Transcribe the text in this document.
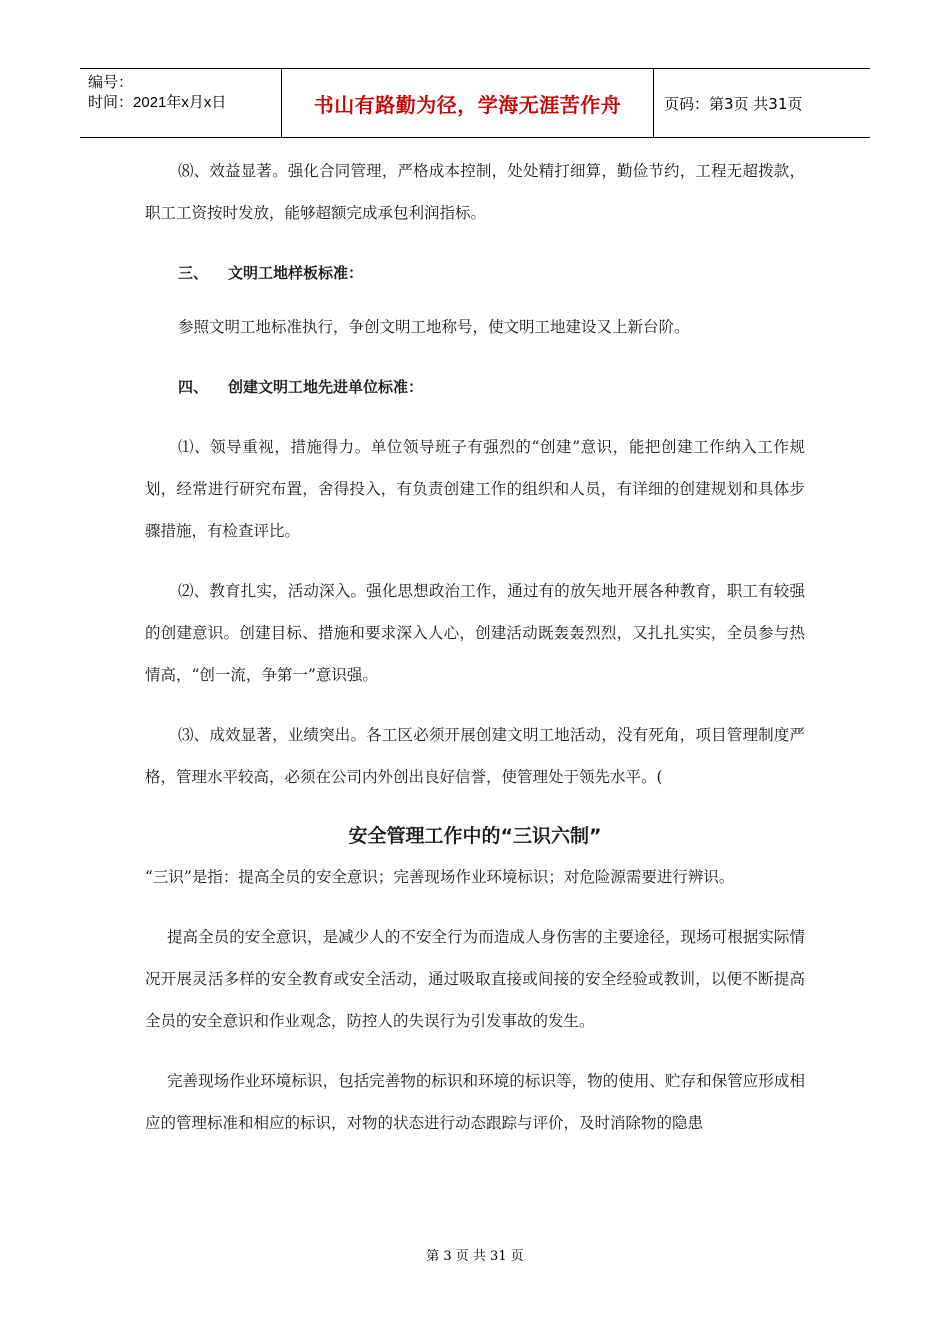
编号：
时间：2021年x月x日	书山有路勤为径，学海无涯苦作舟	页码：第3页 共31页

⑻、效益显著。强化合同管理，严格成本控制，处处精打细算，勤俭节约，工程无超拨款，职工工资按时发放，能够超额完成承包利润指标。

三、 文明工地样板标准：

参照文明工地标准执行，争创文明工地称号，使文明工地建设又上新台阶。

四、 创建文明工地先进单位标准：

⑴、领导重视，措施得力。单位领导班子有强烈的“创建”意识，能把创建工作纳入工作规划，经常进行研究布置，舍得投入，有负责创建工作的组织和人员，有详细的创建规划和具体步骤措施，有检查评比。

⑵、教育扎实，活动深入。强化思想政治工作，通过有的放矢地开展各种教育，职工有较强的创建意识。创建目标、措施和要求深入人心，创建活动既轰轰烈烈，又扎扎实实，全员参与热情高，“创一流，争第一”意识强。

⑶、成效显著，业绩突出。各工区必须开展创建文明工地活动，没有死角，项目管理制度严格，管理水平较高，必须在公司内外创出良好信誉，使管理处于领先水平。(

安全管理工作中的“三识六制”

“三识”是指：提高全员的安全意识；完善现场作业环境标识；对危险源需要进行辨识。

提高全员的安全意识，是减少人的不安全行为而造成人身伤害的主要途径，现场可根据实际情况开展灵活多样的安全教育或安全活动，通过吸取直接或间接的安全经验或教训，以便不断提高全员的安全意识和作业观念，防控人的失误行为引发事故的发生。

完善现场作业环境标识，包括完善物的标识和环境的标识等，物的使用、贮存和保管应形成相应的管理标准和相应的标识，对物的状态进行动态跟踪与评价，及时消除物的隐患

第 3 页 共 31 页
